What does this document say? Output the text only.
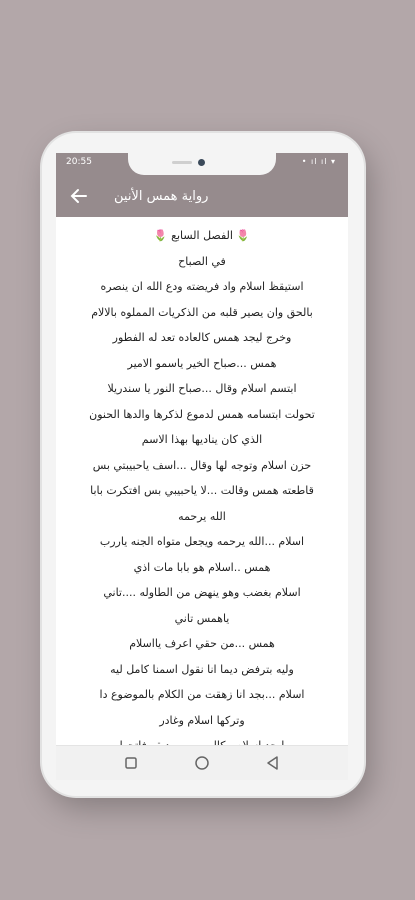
20:55	• ıl ıl ▾
رواية همس الأنين

🌷 الفصل السابع 🌷

في الصباح

استيقظ اسلام واد فريضته ودع الله ان ينصره

بالحق وان يصير قلبه من الذكريات المملوه بالالام

وخرج ليجد همس كالعاده تعد له الفطور

همس ...صباح الخير ياسمو الامير

ابتسم اسلام وقال ...صباح النور يا سندريلا

تحولت ابتسامه همس لدموع لذكرها والدها الحنون

الذي كان يناديها بهذا الاسم

حزن اسلام وتوجه لها وقال ...اسف ياحبيبتي بس

قاطعته همس وقالت ...لا ياحبيبي بس افتكرت بابا

الله يرحمه

اسلام ...الله يرحمه ويجعل متواه الجنه ياررب

همس ..اسلام هو بابا مات اذي

اسلام بغضب وهو ينهض من الطاوله ....تاني

ياهمس تاني

همس ...من حقي اعرف يااسلام

وليه بترفض ديما انا نقول اسمنا كامل ليه

اسلام ...بجد انا زهقت من الكلام بالموضوع دا

وتركها اسلام وغادر
